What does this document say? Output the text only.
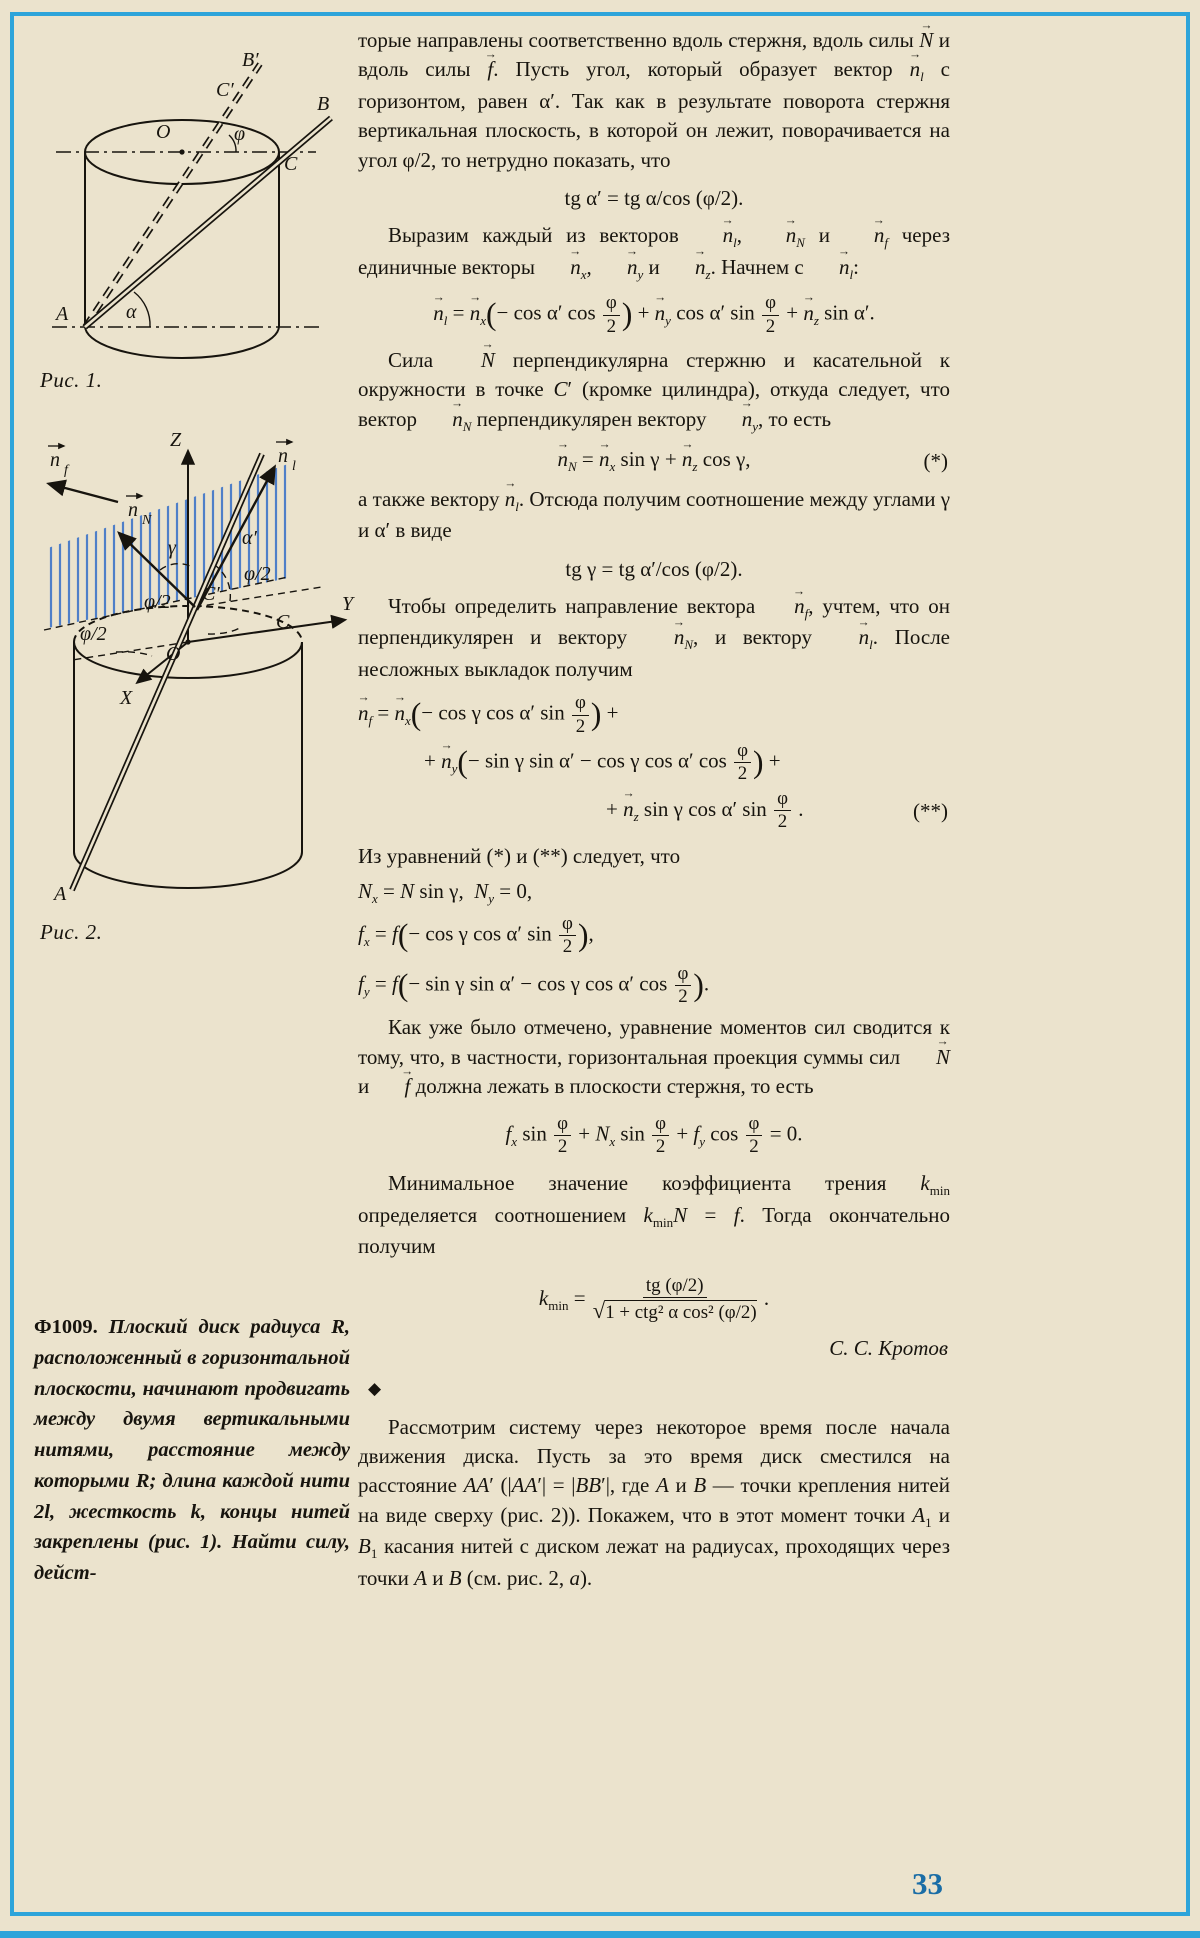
B′
C′
O	φ
B
C
A	α
Рис. 1.
Z
Y
X
O
C
C′
A
γ	α′
φ/2
φ/2
φ/2
n l
n N
n f
Рис. 2.
Ф1009. Плоский диск радиуса R, расположенный в горизонтальной плоскости, начинают продвигать между двумя вертикальными нитями, расстояние между которыми R; длина каждой нити 2l, жесткость k, концы нитей закреплены (рис. 1). Найти силу, дейст-

торые направлены соответственно вдоль стержня, вдоль силы → N и вдоль силы → f. Пусть угол, который образует вектор → $n_l$ с горизонтом, равен α′. Так как в результате поворота стержня вертикальная плоскость, в которой он лежит, поворачивается на угол φ/2, то нетрудно показать, что

tg α′ = tg α/cos (φ/2).

Выразим каждый из векторов → $n_l$, → $n_N$ $и \to n_f$ через единичные векторы → $n_x$, → $n_y$ $и \to n_z$. Начнем $с \to n_l$:

→ $n_l$ = → $n_x(- \cos \alpha'$ $\cos \frac{\varphi}{2}$ ) + → $n_y$ cos α′ $\sin \frac{\varphi}{2}$ + → $n_z$ sin α′.

Сила → N перпендикулярна стержню и касательной к окружности в точке C′ (кромке цилиндра), откуда следует, что вектор → $n_N$ перпендикулярен вектору → $n_y$, то есть

→ $n_N$ = → $n_x$ sin γ + → $n_z$ cos γ,	(*)

а также вектору → $n_l$. Отсюда получим соотношение между углами γ и α′ в виде

tg γ = tg α′/cos (φ/2).

Чтобы определить направление вектора → $n_f$, учтем, что он перпендикулярен и вектору → $n_N$, и вектору → $n_l$. После несложных выкладок получим

→ $n_f$ = → $n_x(- \cos \gamma$ cos α′ $\sin \frac{\varphi}{2}$ ) +
+ → $n_y(- \sin \gamma$ sin α′ − cos γ cos α′ $\cos \frac{\varphi}{2}$ ) +
+ → $n_z$ sin γ cos α′ $\sin \frac{\varphi}{2}$ .	(**)

Из уравнений (*) и (**) следует, что

$N_x = N$ sin γ,  $N_y = 0$,
$f_x = f(- \cos \gamma$ cos α′ $\sin \frac{\varphi}{2}$ ),
$f_y = f(- \sin \gamma$ sin α′ − cos γ cos α′ $\cos \frac{\varphi}{2}$ ).

Как уже было отмечено, уравнение моментов сил сводится к тому, что, в частности, горизонтальная проекция суммы сил → N и → f должна лежать в плоскости стержня, то есть

$f_x$ $\sin \frac{\varphi}{2} + N_x$ $\sin \frac{\varphi}{2} + f_y$ $\cos \frac{\varphi}{2} = 0$.

Минимальное значение коэффициента трения $k_{min}$ определяется соотношением $k_{min}N = f$. Тогда окончательно получим

$k_{min}$ =
tg (φ/2)
√1 + ctg² α cos² (φ/2)
.
С. С. Кротов
◆

Рассмотрим систему через некоторое время после начала движения диска. Пусть за это время диск сместился на расстояние AA′ (|AA′| = |BB′|, где A и B — точки крепления нитей на виде сверху (рис. 2)). Покажем, что в этот момент точки $A_1$ и $B_1$ касания нитей с диском лежат на радиусах, проходящих через точки A и B (см. рис. 2, а).

33
